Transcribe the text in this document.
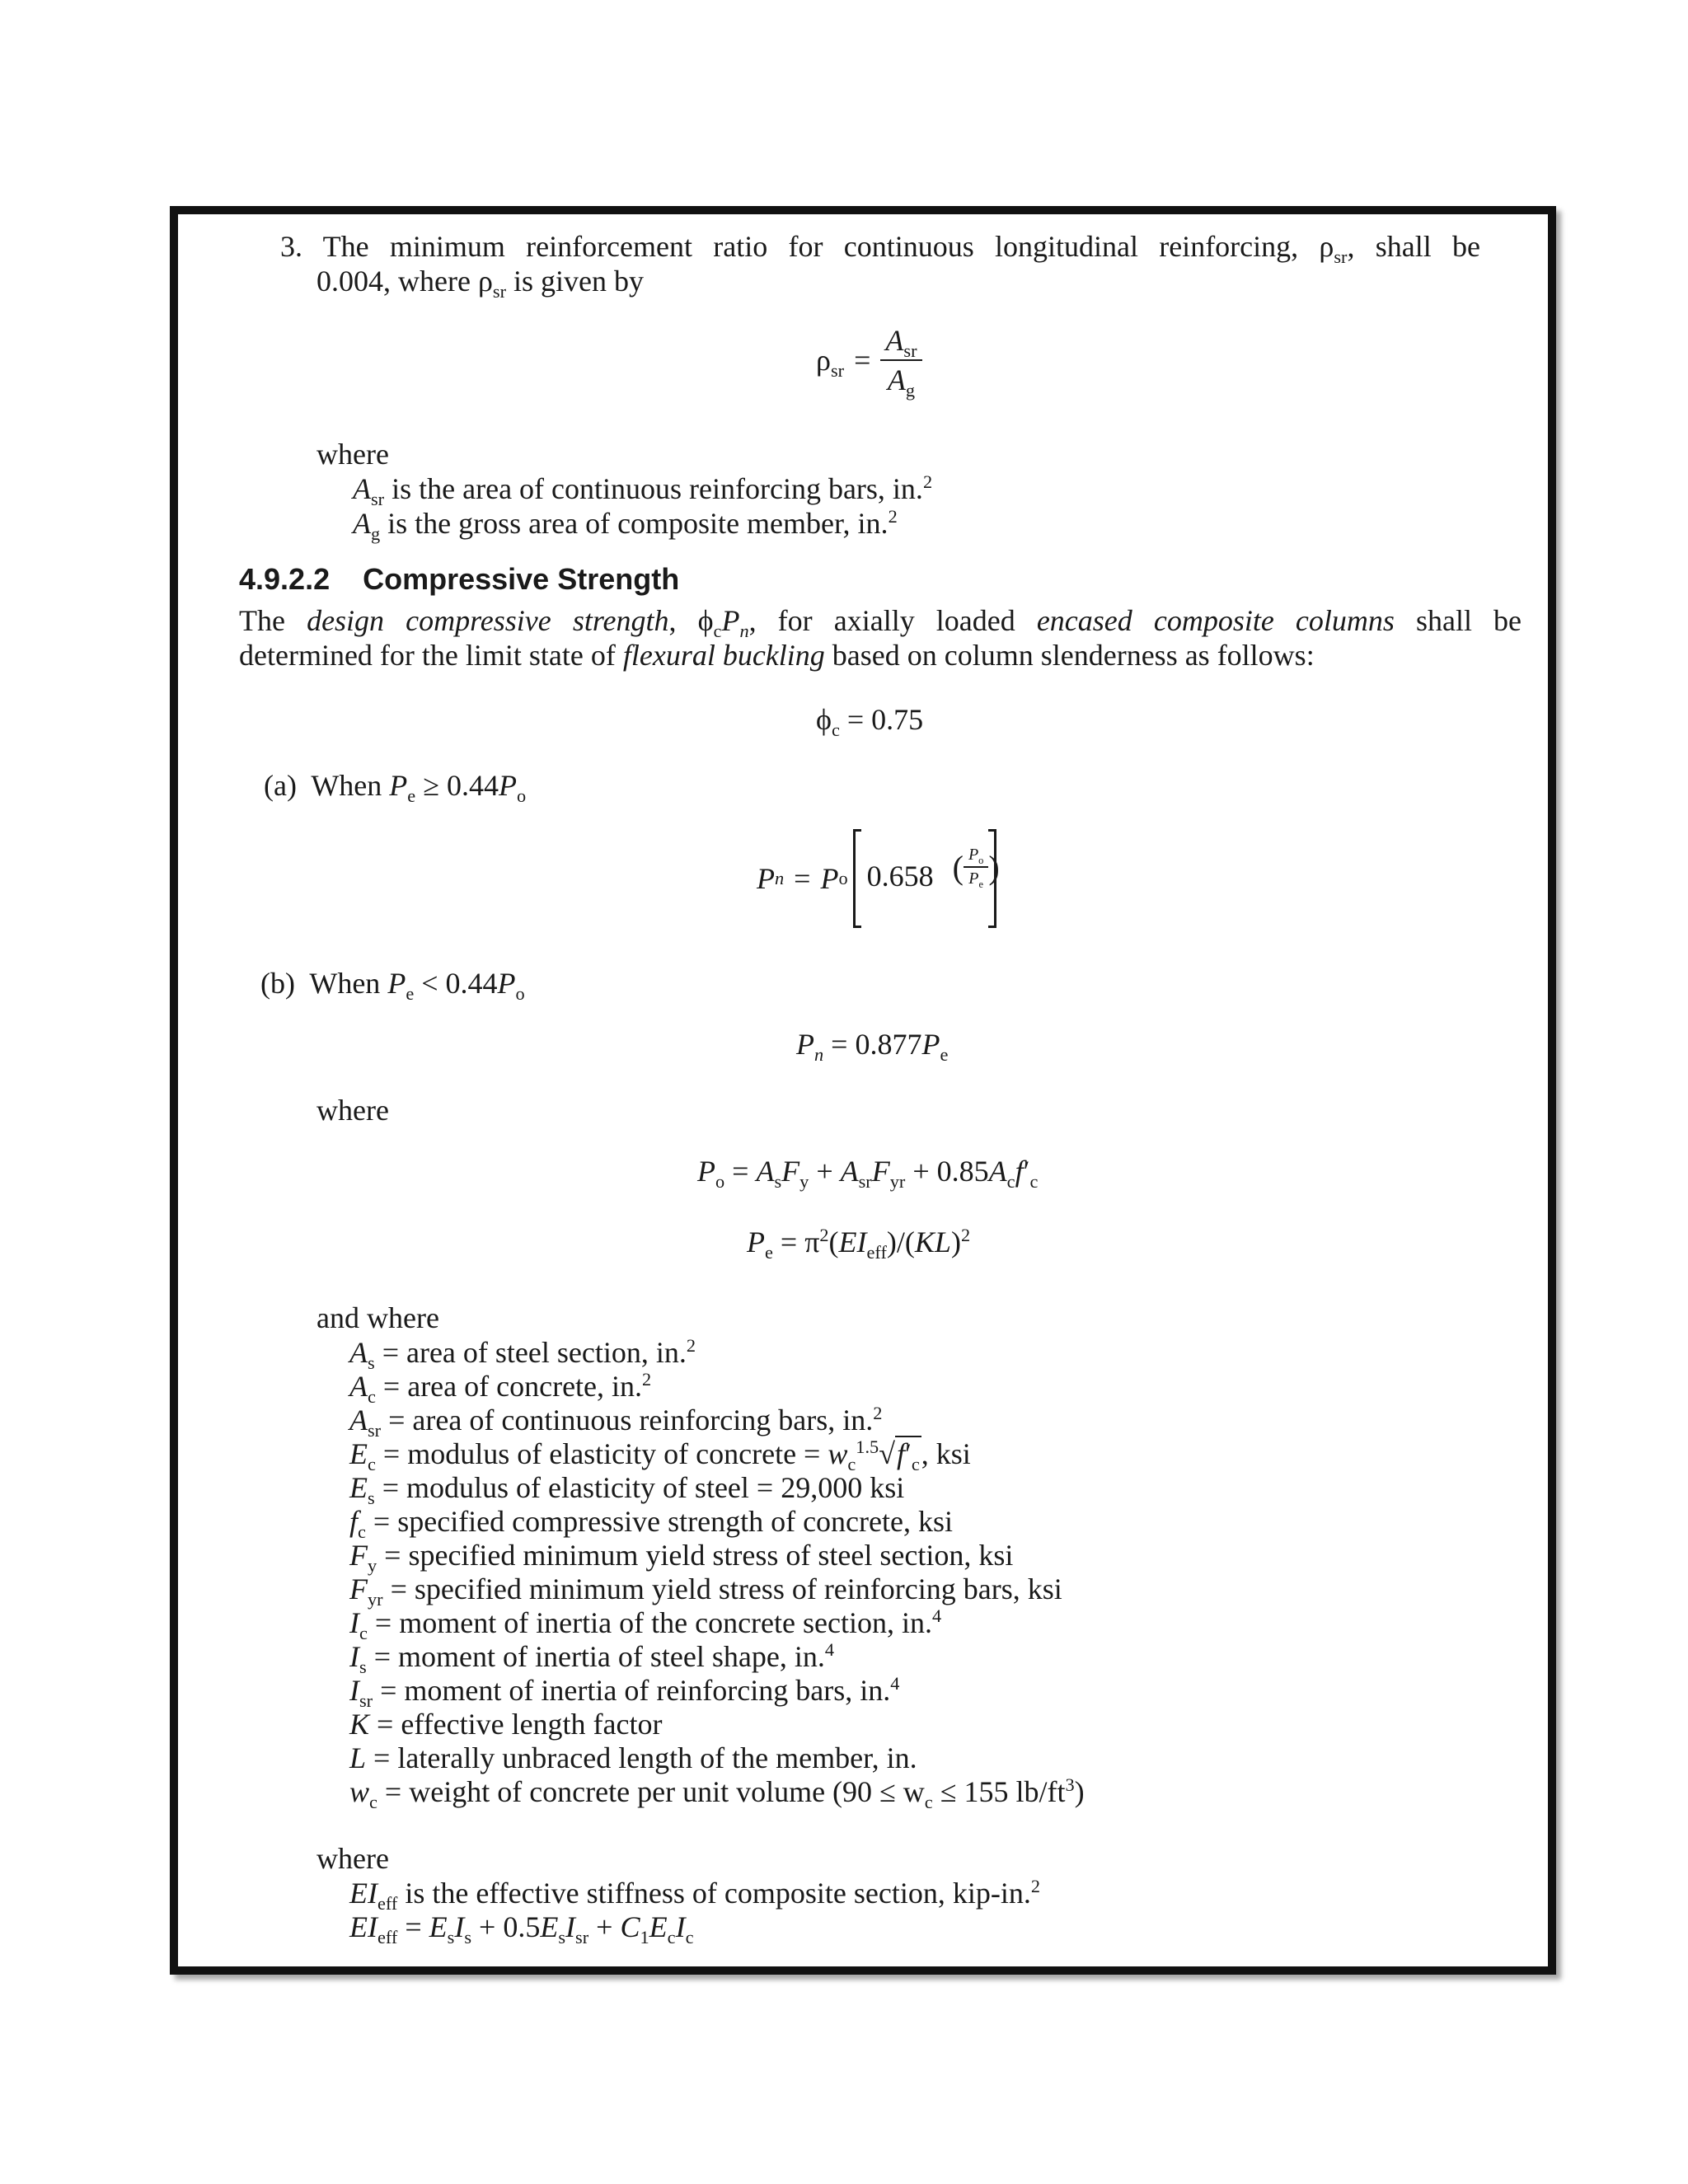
3. The minimum reinforcement ratio for continuous longitudinal reinforcing, $\rho_{sr}$, shall be
0.004, where $\rho_{sr}$ is given by
$\rho_{sr} = \frac{A_{sr}}{A_g}$
where
$A_{sr}$ is the area of continuous reinforcing bars, in.$^2$
$A_g$ is the gross area of composite member, in.$^2$
4.9.2.2 Compressive Strength
The design compressive strength, $\phi_cP_n$, for axially loaded encased composite columns shall be
determined for the limit state of flexural buckling based on column slenderness as follows:
$\phi_c = 0.75$
(a) When $P_e \ge 0.44P_o$
P n = P o 0.658 ( $\frac{P_o}{P_e}$ )
(b) When $P_e < 0.44P_o$
$P_n = 0.877P_e$
where
$P_o = A_sF_y + A_{sr}F_{yr} + 0.85A_cf'_c$
$P_e = \pi^2(EI_{eff})/(KL)^2$
and where
$A_s$ = area of steel section, in.$^2$
$A_c$ = area of concrete, in.$^2$
$A_{sr}$ = area of continuous reinforcing bars, in.$^2$
$E_c$ = modulus of elasticity of concrete = $w_c^{1.5}√f'_c$, ksi
$E_s$ = modulus of elasticity of steel = 29,000 ksi
$f_c$ = specified compressive strength of concrete, ksi
$F_y$ = specified minimum yield stress of steel section, ksi
$F_{yr}$ = specified minimum yield stress of reinforcing bars, ksi
$I_c$ = moment of inertia of the concrete section, in.$^4$
$I_s$ = moment of inertia of steel shape, in.$^4$
$I_{sr}$ = moment of inertia of reinforcing bars, in.$^4$
K = effective length factor
L = laterally unbraced length of the member, in.
$w_c$ = weight of concrete per unit volume ($90 \le w_c \le 155$ $lb/ft^3$)
where
$EI_{eff}$ is the effective stiffness of composite section, kip-in.$^2$
$EI_{eff} = E_sI_s + 0.5E_sI_{sr} + C_1E_cI_c$
